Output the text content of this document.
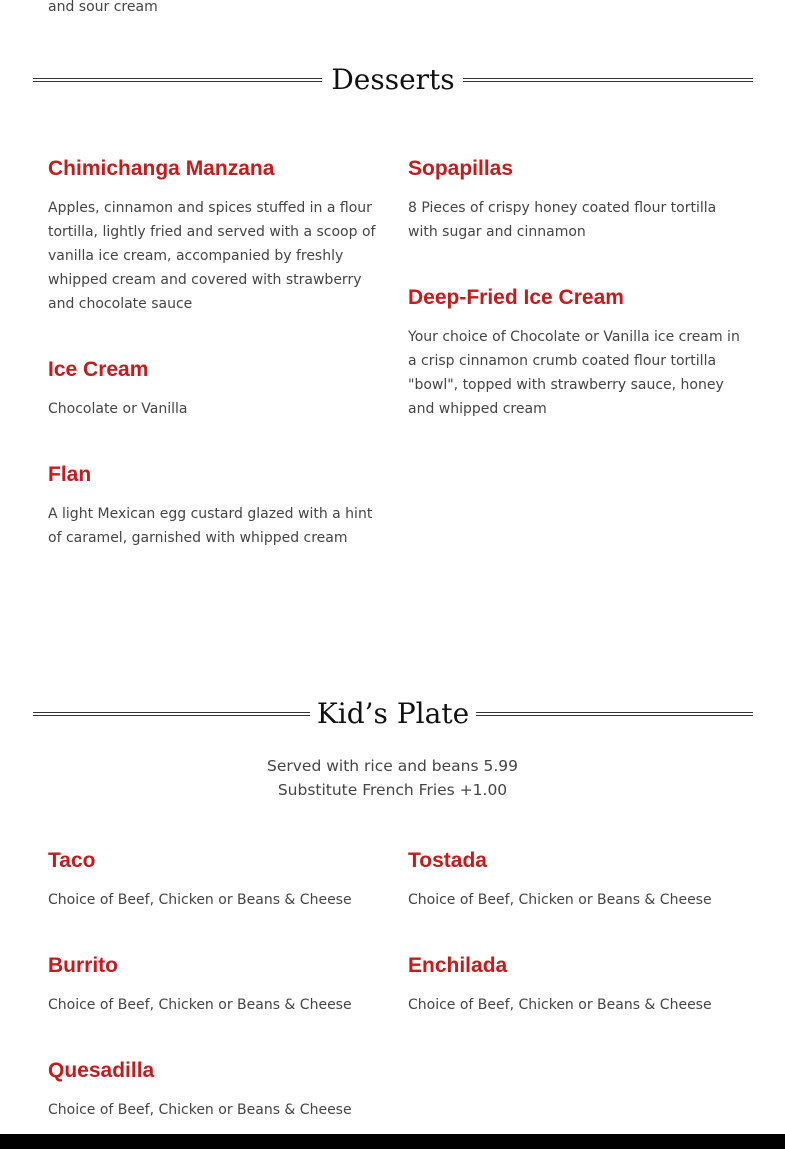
and sour cream
Desserts
Chimichanga Manzana
Apples, cinnamon and spices stuffed in a flour tortilla, lightly fried and served with a scoop of vanilla ice cream, accompanied by freshly whipped cream and covered with strawberry and chocolate sauce
Sopapillas
8 Pieces of crispy honey coated flour tortilla with sugar and cinnamon
Deep-Fried Ice Cream
Your choice of Chocolate or Vanilla ice cream in a crisp cinnamon crumb coated flour tortilla "bowl", topped with strawberry sauce, honey and whipped cream
Ice Cream
Chocolate or Vanilla
Flan
A light Mexican egg custard glazed with a hint of caramel, garnished with whipped cream
Kid’s Plate
Served with rice and beans 5.99
Substitute French Fries +1.00
Taco
Choice of Beef, Chicken or Beans & Cheese
Tostada
Choice of Beef, Chicken or Beans & Cheese
Burrito
Choice of Beef, Chicken or Beans & Cheese
Enchilada
Choice of Beef, Chicken or Beans & Cheese
Quesadilla
Choice of Beef, Chicken or Beans & Cheese
